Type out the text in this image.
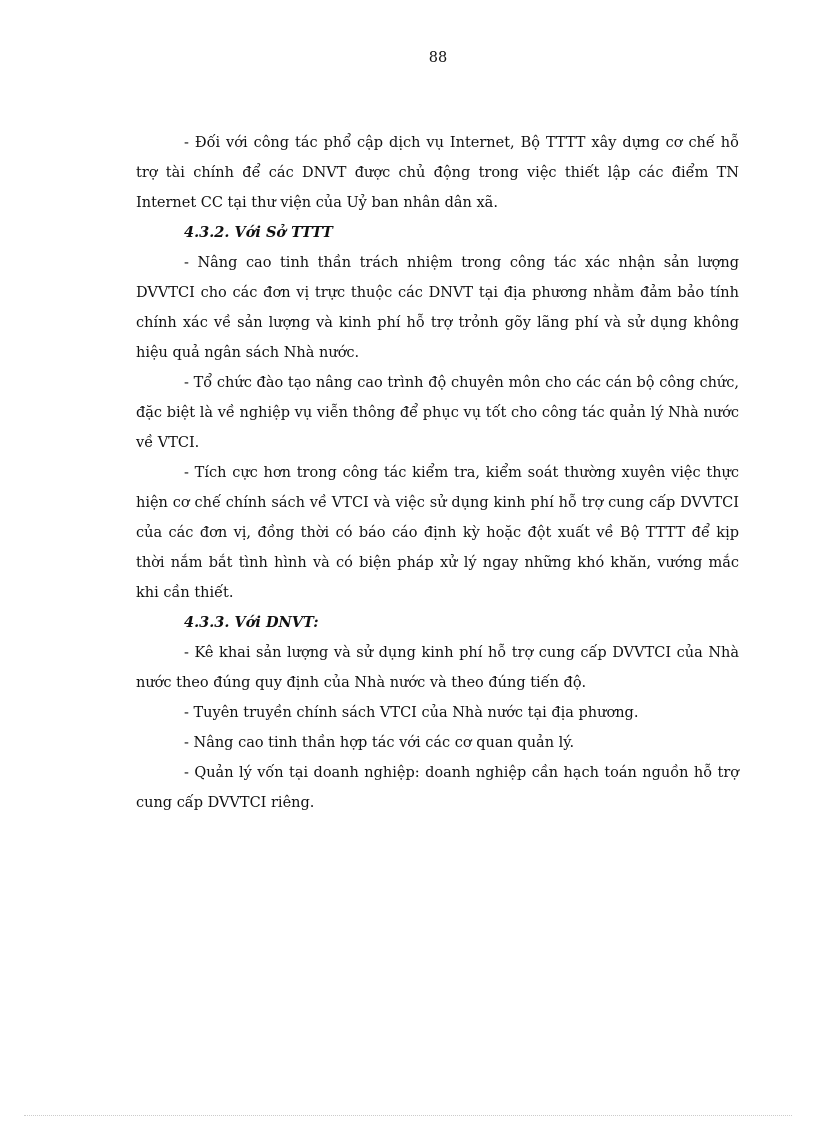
88

- Đối với công tác phổ cập dịch vụ Internet, Bộ TTTT xây dựng cơ chế hỗ trợ tài chính để các DNVT được chủ động trong việc thiết lập các điểm TN Internet CC tại thư viện của Uỷ ban nhân dân xã.

4.3.2. Với Sở TTTT

- Nâng cao tinh thần trách nhiệm trong công tác xác nhận sản lượng DVVTCI cho các đơn vị trực thuộc các DNVT tại địa phương nhằm đảm bảo tính chính xác về sản lượng và kinh phí hỗ trợ trỏnh gõy lãng phí và sử dụng không hiệu quả ngân sách Nhà nước.

- Tổ chức đào tạo nâng cao trình độ chuyên môn cho các cán bộ công chức, đặc biệt là về nghiệp vụ viễn thông để phục vụ tốt cho công tác quản lý Nhà nước về VTCI.

- Tích cực hơn trong công tác kiểm tra, kiểm soát thường xuyên việc thực hiện cơ chế chính sách về VTCI và việc sử dụng kinh phí hỗ trợ cung cấp DVVTCI của các đơn vị, đồng thời có báo cáo định kỳ hoặc đột xuất về Bộ TTTT để kịp thời nắm bắt tình hình và có biện pháp xử lý ngay những khó khăn, vướng mắc khi cần thiết.

4.3.3. Với DNVT:

- Kê khai sản lượng và sử dụng kinh phí hỗ trợ cung cấp DVVTCI của Nhà nước theo đúng quy định của Nhà nước và theo đúng tiến độ.

- Tuyên truyền chính sách VTCI của Nhà nước tại địa phương.

- Nâng cao tinh thần hợp tác với các cơ quan quản lý.

- Quản lý vốn tại doanh nghiệp: doanh nghiệp cần hạch toán nguồn hỗ trợ cung cấp DVVTCI riêng.
